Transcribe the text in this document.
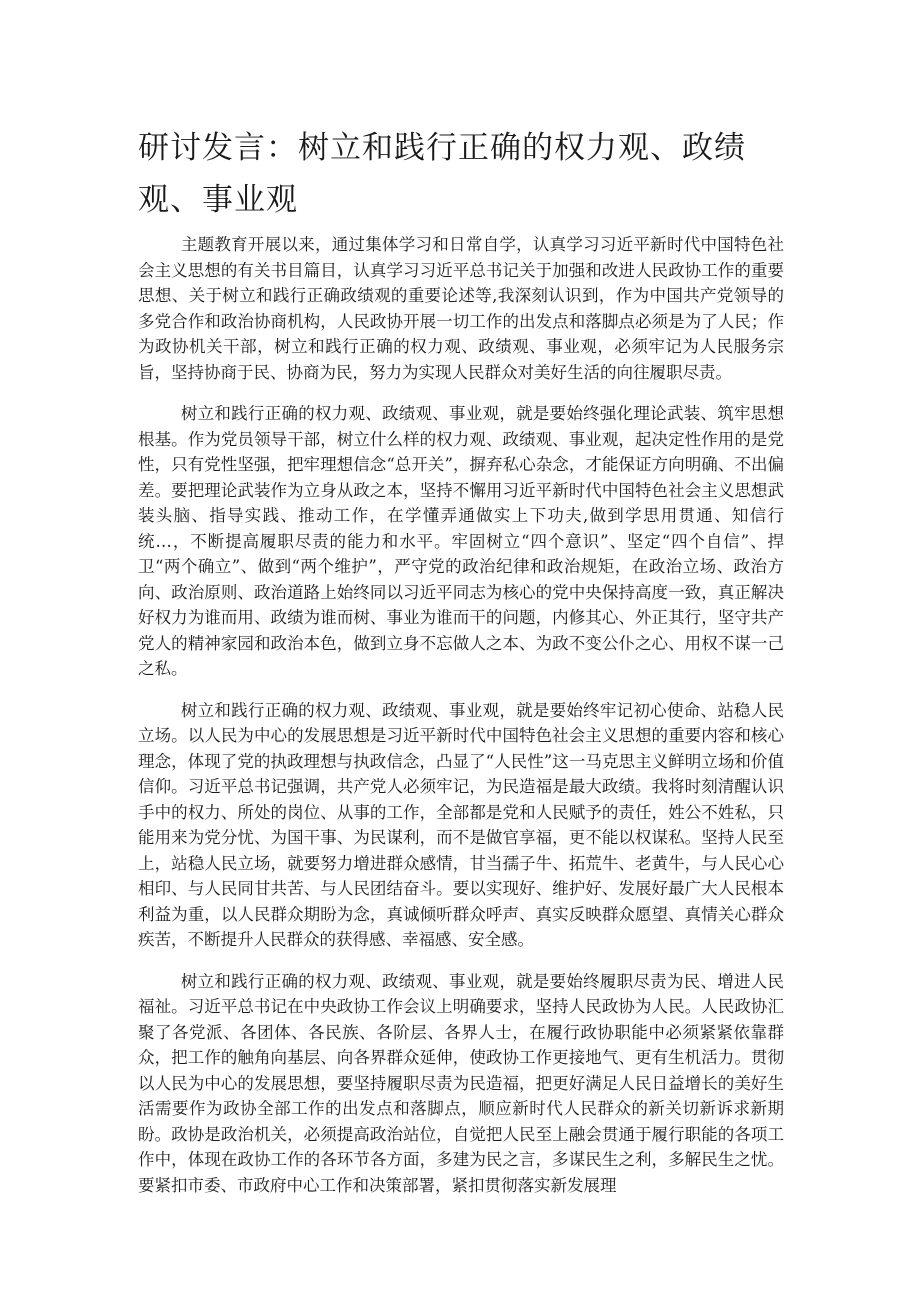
研讨发言：树立和践行正确的权力观、政绩观、事业观

主题教育开展以来，通过集体学习和日常自学，认真学习习近平新时代中国特色社会主义思想的有关书目篇目，认真学习习近平总书记关于加强和改进人民政协工作的重要思想、关于树立和践行正确政绩观的重要论述等,我深刻认识到，作为中国共产党领导的多党合作和政治协商机构，人民政协开展一切工作的出发点和落脚点必须是为了人民；作为政协机关干部，树立和践行正确的权力观、政绩观、事业观，必须牢记为人民服务宗旨，坚持协商于民、协商为民，努力为实现人民群众对美好生活的向往履职尽责。

树立和践行正确的权力观、政绩观、事业观，就是要始终强化理论武装、筑牢思想根基。作为党员领导干部，树立什么样的权力观、政绩观、事业观，起决定性作用的是党性，只有党性坚强，把牢理想信念“总开关”，摒弃私心杂念，才能保证方向明确、不出偏差。要把理论武装作为立身从政之本，坚持不懈用习近平新时代中国特色社会主义思想武装头脑、指导实践、推动工作，在学懂弄通做实上下功夫,做到学思用贯通、知信行统…，不断提高履职尽责的能力和水平。牢固树立“四个意识”、坚定“四个自信”、捍卫“两个确立”、做到“两个维护”，严守党的政治纪律和政治规矩，在政治立场、政治方向、政治原则、政治道路上始终同以习近平同志为核心的党中央保持高度一致，真正解决好权力为谁而用、政绩为谁而树、事业为谁而干的问题，内修其心、外正其行，坚守共产党人的精神家园和政治本色，做到立身不忘做人之本、为政不变公仆之心、用权不谋一己之私。

树立和践行正确的权力观、政绩观、事业观，就是要始终牢记初心使命、站稳人民立场。以人民为中心的发展思想是习近平新时代中国特色社会主义思想的重要内容和核心理念，体现了党的执政理想与执政信念，凸显了“人民性”这一马克思主义鲜明立场和价值信仰。习近平总书记强调，共产党人必须牢记，为民造福是最大政绩。我将时刻清醒认识手中的权力、所处的岗位、从事的工作，全部都是党和人民赋予的责任，姓公不姓私，只能用来为党分忧、为国干事、为民谋利，而不是做官享福，更不能以权谋私。坚持人民至上，站稳人民立场，就要努力增进群众感情，甘当孺子牛、拓荒牛、老黄牛，与人民心心相印、与人民同甘共苦、与人民团结奋斗。要以实现好、维护好、发展好最广大人民根本利益为重，以人民群众期盼为念，真诚倾听群众呼声、真实反映群众愿望、真情关心群众疾苦，不断提升人民群众的获得感、幸福感、安全感。

树立和践行正确的权力观、政绩观、事业观，就是要始终履职尽责为民、增进人民福祉。习近平总书记在中央政协工作会议上明确要求，坚持人民政协为人民。人民政协汇聚了各党派、各团体、各民族、各阶层、各界人士，在履行政协职能中必须紧紧依靠群众，把工作的触角向基层、向各界群众延伸，使政协工作更接地气、更有生机活力。贯彻以人民为中心的发展思想，要坚持履职尽责为民造福，把更好满足人民日益增长的美好生活需要作为政协全部工作的出发点和落脚点，顺应新时代人民群众的新关切新诉求新期盼。政协是政治机关，必须提高政治站位，自觉把人民至上融会贯通于履行职能的各项工作中，体现在政协工作的各环节各方面，多建为民之言，多谋民生之利，多解民生之忧。要紧扣市委、市政府中心工作和决策部署，紧扣贯彻落实新发展理
